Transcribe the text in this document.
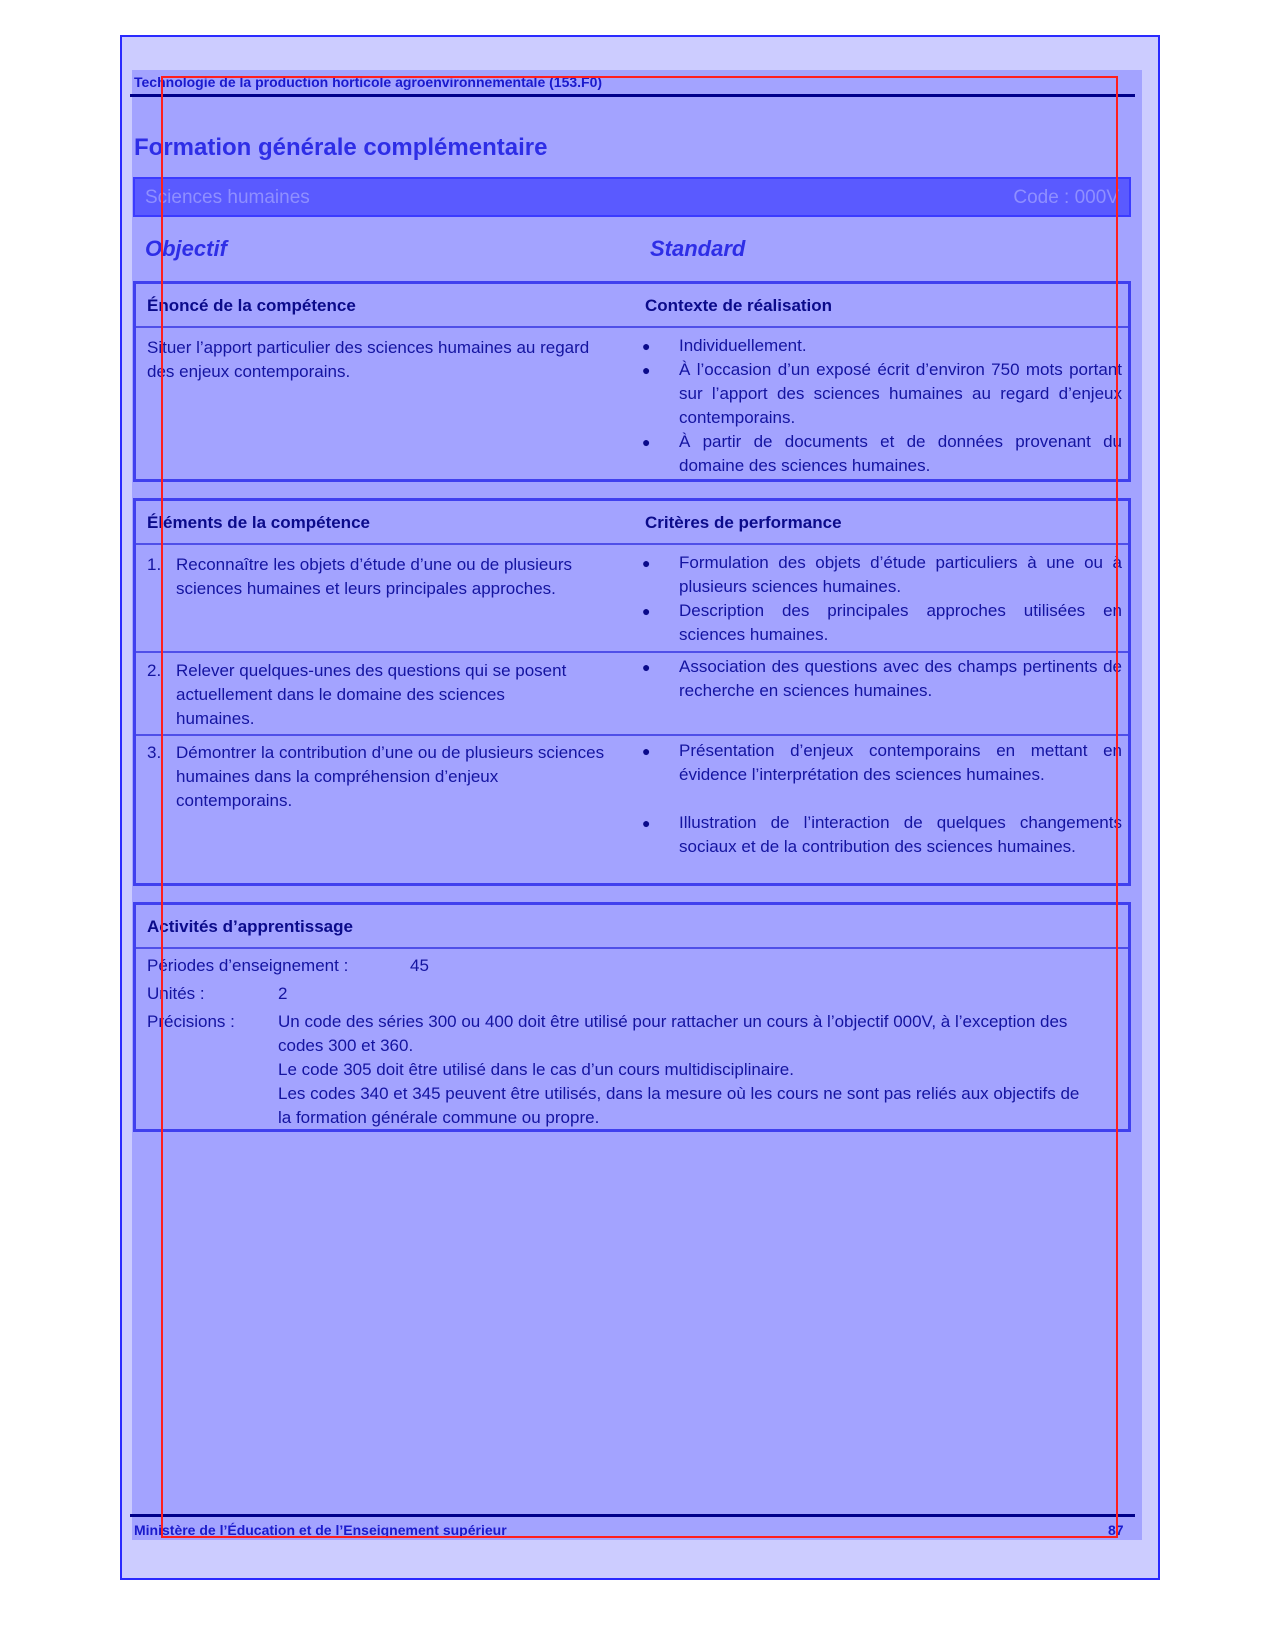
Technologie de la production horticole agroenvironnementale (153.F0)
Formation générale complémentaire
Sciences humaines	Code : 000V
Objectif	Standard
Énoncé de la compétence	Contexte de réalisation
Situer l’apport particulier des sciences humaines au regard des enjeux contemporains.
● Individuellement.
● À l’occasion d’un exposé écrit d’environ 750 mots portant sur l’apport des sciences humaines au regard d’enjeux contemporains.
● À partir de documents et de données provenant du domaine des sciences humaines.
Éléments de la compétence	Critères de performance
1. Reconnaître les objets d’étude d’une ou de plusieurs sciences humaines et leurs principales approches.
● Formulation des objets d’étude particuliers à une ou à plusieurs sciences humaines.
● Description des principales approches utilisées en sciences humaines.
2. Relever quelques-unes des questions qui se posent actuellement dans le domaine des sciences humaines.
● Association des questions avec des champs pertinents de recherche en sciences humaines.
3. Démontrer la contribution d’une ou de plusieurs sciences humaines dans la compréhension d’enjeux contemporains.
● Présentation d’enjeux contemporains en mettant en évidence l’interprétation des sciences humaines.
● Illustration de l’interaction de quelques changements sociaux et de la contribution des sciences humaines.
Activités d’apprentissage
Périodes d’enseignement :	45
Unités :	2
Précisions :	Un code des séries 300 ou 400 doit être utilisé pour rattacher un cours à l’objectif 000V, à l’exception des codes 300 et 360.
Le code 305 doit être utilisé dans le cas d’un cours multidisciplinaire.
Les codes 340 et 345 peuvent être utilisés, dans la mesure où les cours ne sont pas reliés aux objectifs de la formation générale commune ou propre.
Ministère de l’Éducation et de l’Enseignement supérieur	87
